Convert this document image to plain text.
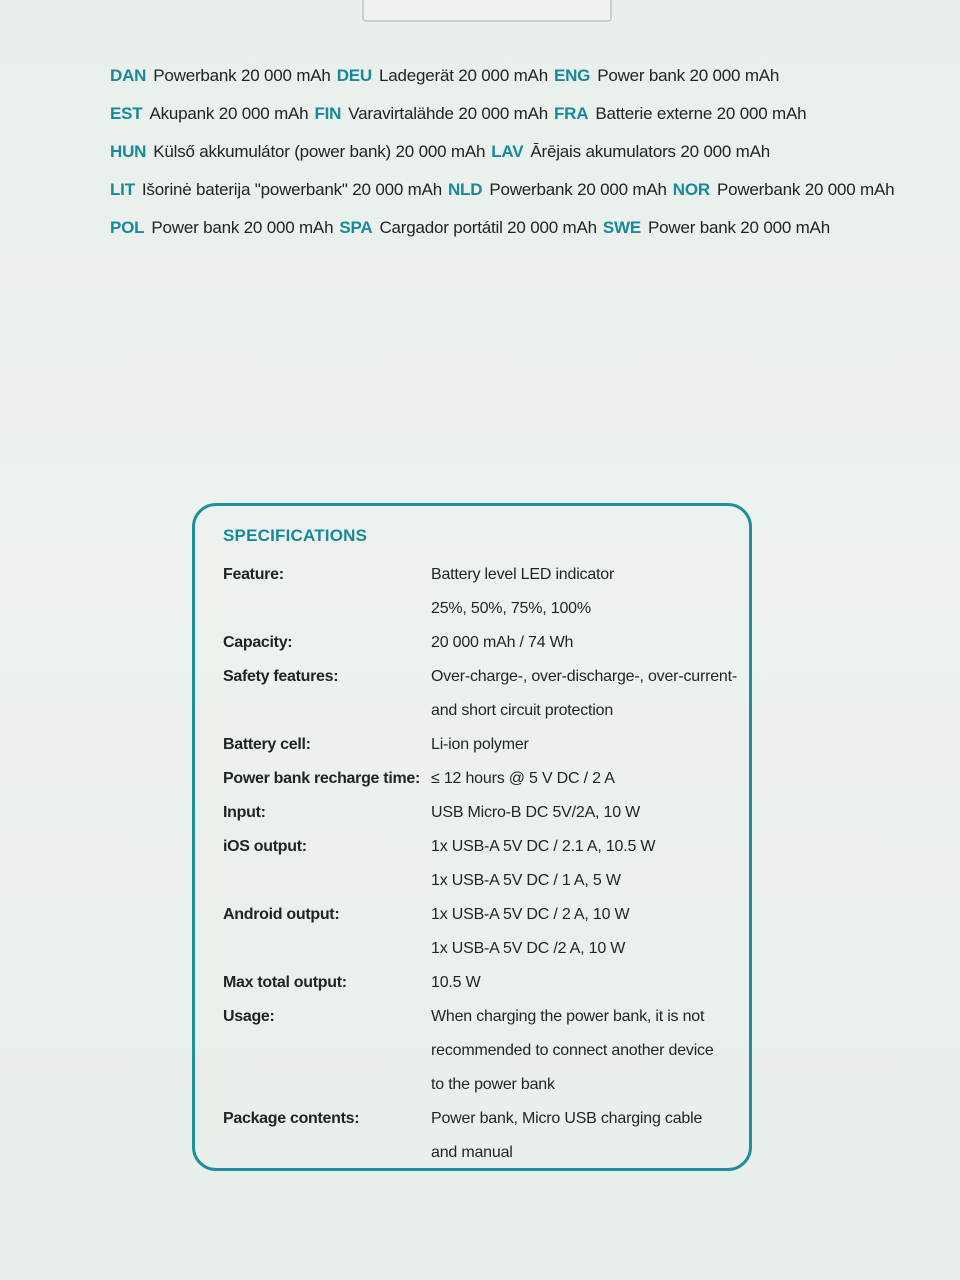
DAN Powerbank 20 000 mAh DEU Ladegerät 20 000 mAh ENG Power bank 20 000 mAh
EST Akupank 20 000 mAh FIN Varavirtalähde 20 000 mAh FRA Batterie externe 20 000 mAh
HUN Külső akkumulátor (power bank) 20 000 mAh LAV Ārējais akumulators 20 000 mAh
LIT Išorinė baterija "powerbank" 20 000 mAh NLD Powerbank 20 000 mAh NOR Powerbank 20 000 mAh
POL Power bank 20 000 mAh SPA Cargador portátil 20 000 mAh SWE Power bank 20 000 mAh
SPECIFICATIONS
Feature:	Battery level LED indicator
25%, 50%, 75%, 100%
Capacity:	20 000 mAh / 74 Wh
Safety features:	Over-charge-, over-discharge-, over-current-
and short circuit protection
Battery cell:	Li-ion polymer
Power bank recharge time: ≤ 12 hours @ 5 V DC / 2 A
Input:	USB Micro-B DC 5V/2A, 10 W
iOS output:	1x USB-A 5V DC / 2.1 A, 10.5 W
1x USB-A 5V DC / 1 A, 5 W
Android output:	1x USB-A 5V DC / 2 A, 10 W
1x USB-A 5V DC /2 A, 10 W
Max total output:	10.5 W
Usage:	When charging the power bank, it is not
recommended to connect another device
to the power bank
Package contents:	Power bank, Micro USB charging cable
and manual
